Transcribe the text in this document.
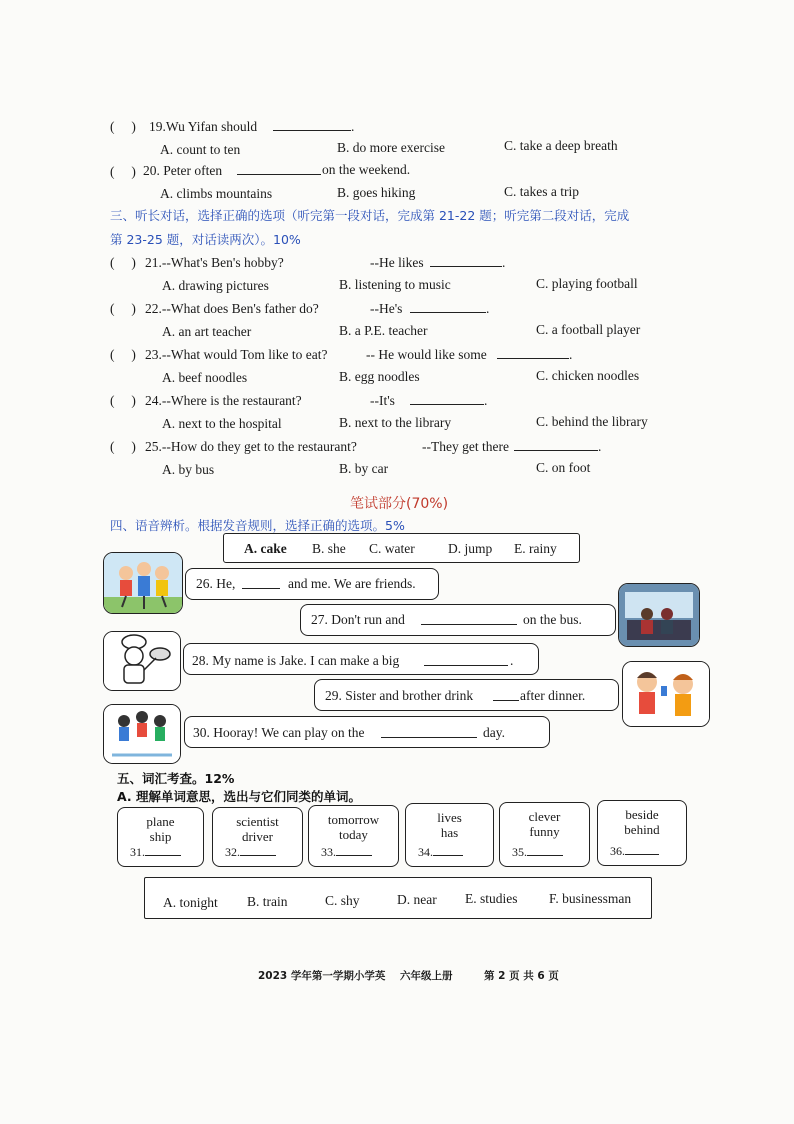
(     ) 19.Wu Yifan should	.
A. count to ten	B. do more exercise	C. take a deep breath
(     ) 20. Peter often	on the weekend.
A. climbs mountains	B. goes hiking	C. takes a trip
三、听长对话，选择正确的选项（听完第一段对话，完成第 21-22 题；听完第二段对话，完成
第 23-25 题，对话读两次）。10%
(     ) 21.--What's Ben's hobby?	--He likes	.
A. drawing pictures	B. listening to music	C. playing football
(     ) 22.--What does Ben's father do?	--He's	.
A. an art teacher	B. a P.E. teacher	C. a football player
(     ) 23.--What would Tom like to eat?	-- He would like some	.
A. beef noodles	B. egg noodles	C. chicken noodles
(     ) 24.--Where is the restaurant?	--It's	.
A. next to the hospital	B. next to the library	C. behind the library
(     ) 25.--How do they get to the restaurant?	--They get there	.
A. by bus	B. by car	C. on foot
笔试部分(70%)
四、语音辨析。根据发音规则，选择正确的选项。5%
A. cake B. she C. water D. jump E. rainy
26. He,	and me. We are friends.
27. Don't run and	on the bus.
28. My name is Jake. I can make a big	.
29. Sister and brother drink	after dinner.
30. Hooray! We can play on the	day.
五、词汇考查。12%
A. 理解单词意思，选出与它们同类的单词。
plane
ship
31.
scientist
driver
32.
tomorrow
today
33.
lives
has
34.
clever
funny
35.
beside
behind
36.
A. tonight B. train	C. shy	D. near E. studies F. businessman
2023 学年第一学期小学英 六年级上册	第 2 页 共 6 页
